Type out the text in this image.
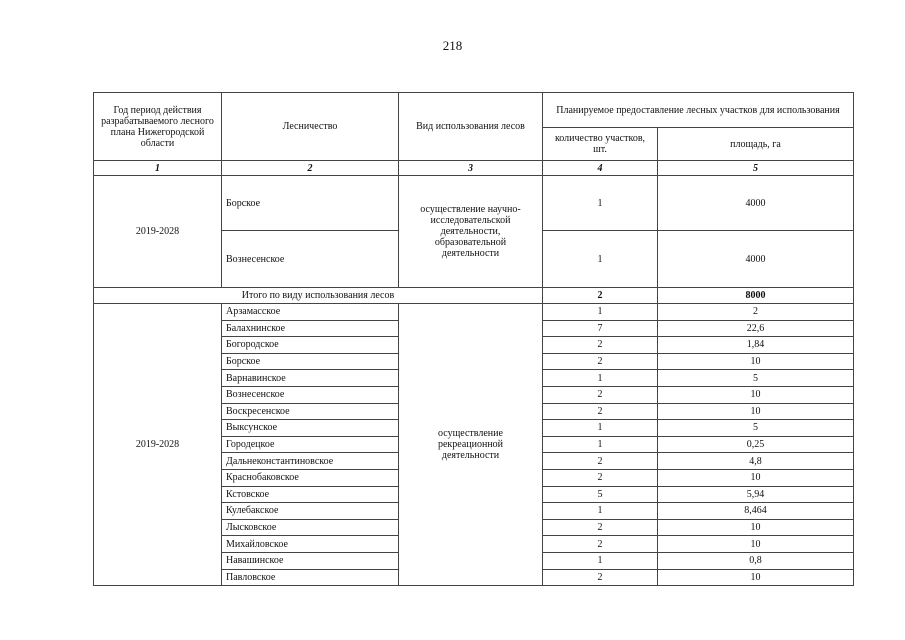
218
Год период действия разрабатываемого лесного плана Нижегородской области	Лесничество	Вид использования лесов	Планируемое предоставление лесных участков для использования	
			количество участков, шт.	площадь, га
1	2	3	4	5
2019-2028	Борское	осуществление научно-исследовательской деятельности, образовательной деятельности	1	4000
	Вознесенское		1	4000
Итого по виду использования лесов			2	8000
2019-2028	Арзамасское	осуществление рекреационной деятельности	1	2
	Балахнинское		7	22,6
	Богородское		2	1,84
	Борское		2	10
	Варнавинское		1	5
	Вознесенское		2	10
	Воскресенское		2	10
	Выксунское		1	5
	Городецкое		1	0,25
	Дальнеконстантиновское		2	4,8
	Краснобаковское		2	10
	Кстовское		5	5,94
	Кулебакское		1	8,464
	Лысковское		2	10
	Михайловское		2	10
	Навашинское		1	0,8
	Павловское		2	10
